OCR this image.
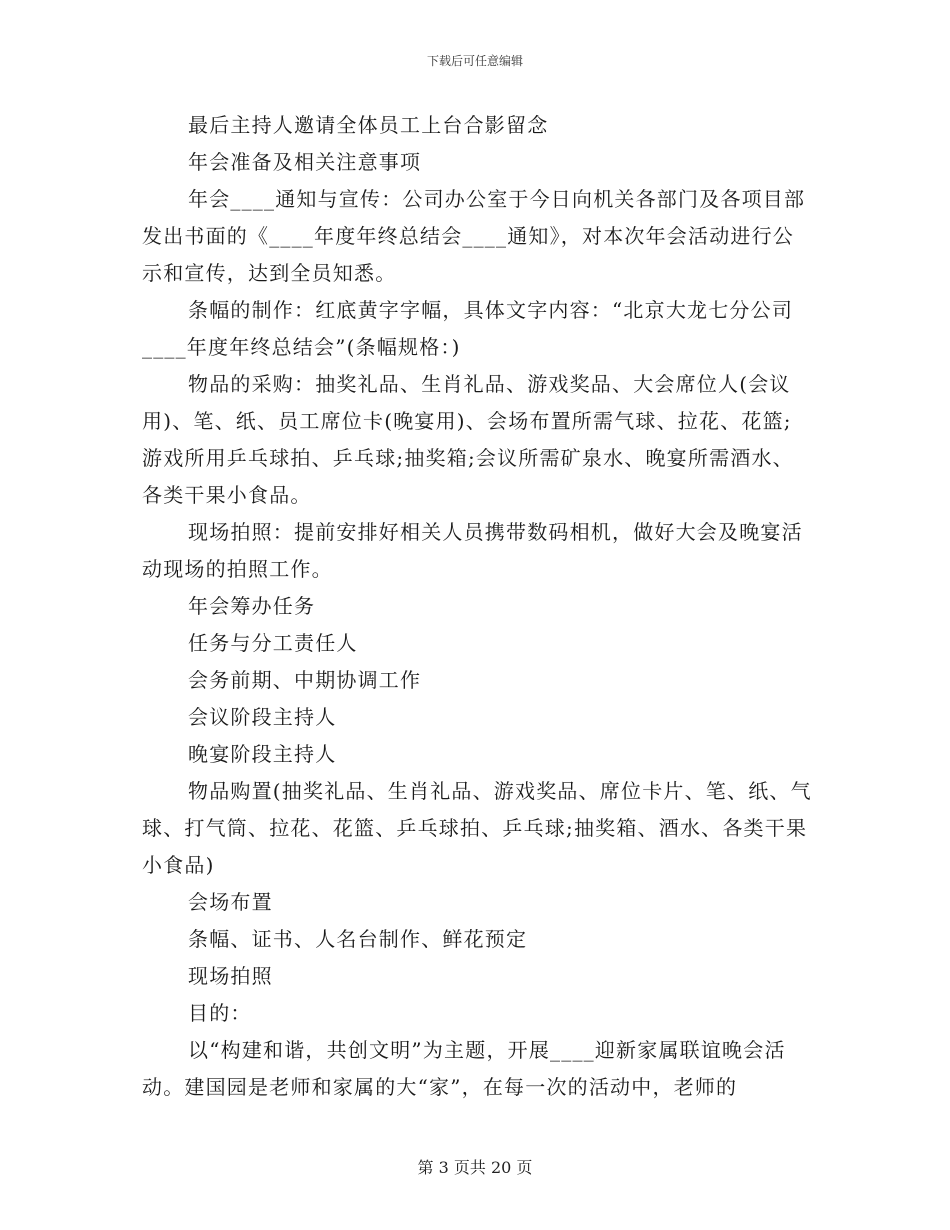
下载后可任意编辑

最后主持人邀请全体员工上台合影留念

年会准备及相关注意事项

年会____通知与宣传：公司办公室于今日向机关各部门及各项目部发出书面的《____年度年终总结会____通知》，对本次年会活动进行公示和宣传，达到全员知悉。

条幅的制作：红底黄字字幅，具体文字内容：“北京大龙七分公司____年度年终总结会”(条幅规格：)

物品的采购：抽奖礼品、生肖礼品、游戏奖品、大会席位人(会议用)、笔、纸、员工席位卡(晚宴用)、会场布置所需气球、拉花、花篮;游戏所用乒乓球拍、乒乓球;抽奖箱;会议所需矿泉水、晚宴所需酒水、各类干果小食品。

现场拍照：提前安排好相关人员携带数码相机，做好大会及晚宴活动现场的拍照工作。

年会筹办任务

任务与分工责任人

会务前期、中期协调工作

会议阶段主持人

晚宴阶段主持人

物品购置(抽奖礼品、生肖礼品、游戏奖品、席位卡片、笔、纸、气球、打气筒、拉花、花篮、乒乓球拍、乒乓球;抽奖箱、酒水、各类干果小食品)

会场布置

条幅、证书、人名台制作、鲜花预定

现场拍照

目的：

以“构建和谐，共创文明”为主题，开展____迎新家属联谊晚会活动。建国园是老师和家属的大“家”，在每一次的活动中，老师的

第 3 页共 20 页
